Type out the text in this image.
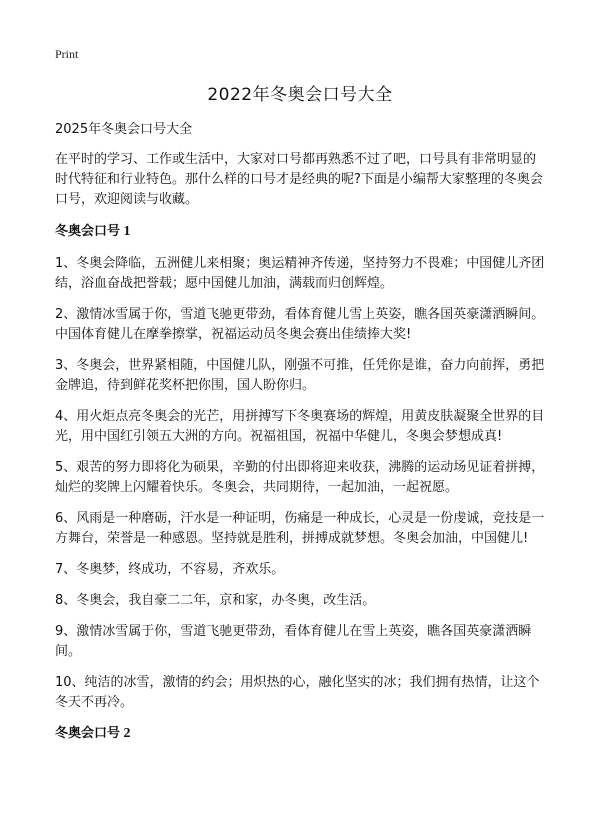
Print
2022年冬奥会口号大全

2025年冬奥会口号大全

在平时的学习、工作或生活中，大家对口号都再熟悉不过了吧，口号具有非常明显的时代特征和行业特色。那什么样的口号才是经典的呢?下面是小编帮大家整理的冬奥会口号，欢迎阅读与收藏。

冬奥会口号 1

1、冬奥会降临，五洲健儿来相聚；奥运精神齐传递，坚持努力不畏难；中国健儿齐团结，浴血奋战把誉载；愿中国健儿加油，满载而归创辉煌。

2、激情冰雪属于你，雪道飞驰更带劲，看体育健儿雪上英姿，瞧各国英豪潇洒瞬间。中国体育健儿在摩拳擦掌，祝福运动员冬奥会赛出佳绩捧大奖!

3、冬奥会，世界紧相随，中国健儿队，刚强不可推，任凭你是谁，奋力向前挥，勇把金牌追，待到鲜花奖杯把你围，国人盼你归。

4、用火炬点亮冬奥会的光芒，用拼搏写下冬奥赛场的辉煌，用黄皮肤凝聚全世界的目光，用中国红引领五大洲的方向。祝福祖国，祝福中华健儿，冬奥会梦想成真!

5、艰苦的努力即将化为硕果，辛勤的付出即将迎来收获，沸腾的运动场见证着拼搏，灿烂的奖牌上闪耀着快乐。冬奥会，共同期待，一起加油，一起祝愿。

6、风雨是一种磨砺，汗水是一种证明，伤痛是一种成长，心灵是一份虔诚，竞技是一方舞台，荣誉是一种感恩。坚持就是胜利，拼搏成就梦想。冬奥会加油，中国健儿!

7、冬奥梦，终成功，不容易，齐欢乐。

8、冬奥会，我自豪二二年，京和家，办冬奥，改生活。

9、激情冰雪属于你，雪道飞驰更带劲，看体育健儿在雪上英姿，瞧各国英豪潇洒瞬间。

10、纯洁的冰雪，激情的约会；用炽热的心，融化坚实的冰；我们拥有热情，让这个冬天不再冷。

冬奥会口号 2
